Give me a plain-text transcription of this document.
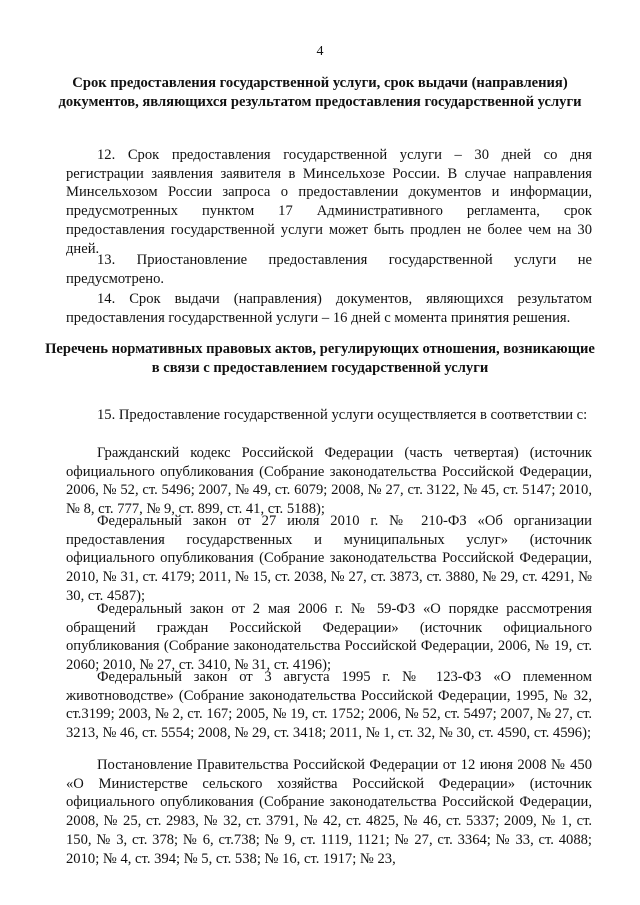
4
Срок предоставления государственной услуги, срок выдачи (направления) документов, являющихся результатом предоставления государственной услуги
12. Срок предоставления государственной услуги – 30 дней со дня регистрации заявления заявителя в Минсельхозе России. В случае направления Минсельхозом России запроса о предоставлении документов и информации, предусмотренных пунктом 17 Административного регламента, срок предоставления государственной услуги может быть продлен не более чем на 30 дней.
13. Приостановление предоставления государственной услуги не предусмотрено.
14. Срок выдачи (направления) документов, являющихся результатом предоставления государственной услуги – 16 дней с момента принятия решения.
Перечень нормативных правовых актов, регулирующих отношения, возникающие в связи с предоставлением государственной услуги
15. Предоставление государственной услуги осуществляется в соответствии с:
Гражданский кодекс Российской Федерации (часть четвертая) (источник официального опубликования (Собрание законодательства Российской Федерации, 2006, № 52, ст. 5496; 2007, № 49, ст. 6079; 2008, № 27, ст. 3122, № 45, ст. 5147; 2010, № 8, ст. 777, № 9, ст. 899, ст. 41, ст. 5188);
Федеральный закон от 27 июля 2010 г. № 210-ФЗ «Об организации предоставления государственных и муниципальных услуг» (источник официального опубликования (Собрание законодательства Российской Федерации, 2010, № 31, ст. 4179; 2011, № 15, ст. 2038, № 27, ст. 3873, ст. 3880, № 29, ст. 4291, № 30, ст. 4587);
Федеральный закон от 2 мая 2006 г. № 59-ФЗ «О порядке рассмотрения обращений граждан Российской Федерации» (источник официального опубликования (Собрание законодательства Российской Федерации, 2006, № 19, ст. 2060; 2010, № 27, ст. 3410, № 31, ст. 4196);
Федеральный закон от 3 августа 1995 г. № 123-ФЗ «О племенном животноводстве» (Собрание законодательства Российской Федерации, 1995, № 32, ст.3199; 2003, № 2, ст. 167; 2005, № 19, ст. 1752; 2006, № 52, ст. 5497; 2007, № 27, ст. 3213, № 46, ст. 5554; 2008, № 29, ст. 3418; 2011, № 1, ст. 32, № 30, ст. 4590, ст. 4596);
Постановление Правительства Российской Федерации от 12 июня 2008 № 450 «О Министерстве сельского хозяйства Российской Федерации» (источник официального опубликования (Собрание законодательства Российской Федерации, 2008, № 25, ст. 2983, № 32, ст. 3791, № 42, ст. 4825, № 46, ст. 5337; 2009, № 1, ст. 150, № 3, ст. 378; № 6, ст.738; № 9, ст. 1119, 1121; № 27, ст. 3364; № 33, ст. 4088; 2010; № 4, ст. 394; № 5, ст. 538; № 16, ст. 1917; № 23,
